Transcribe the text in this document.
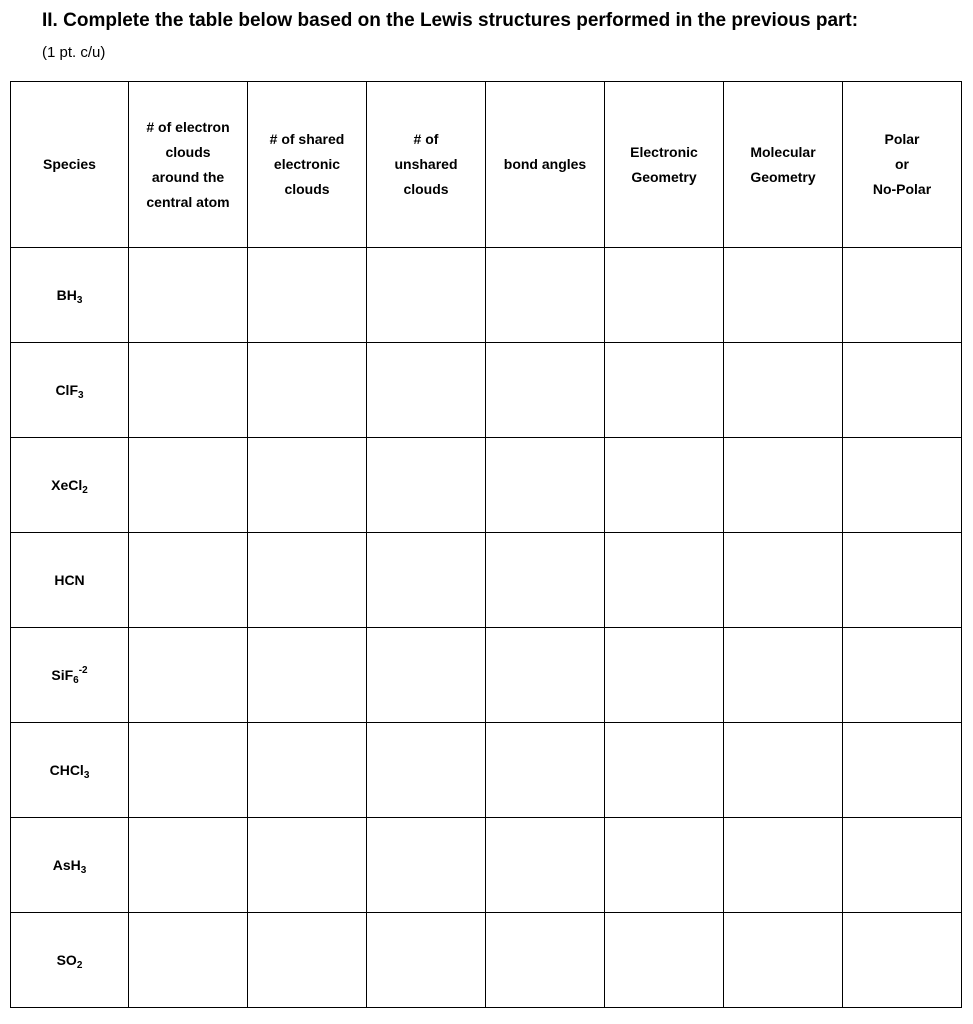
II. Complete the table below based on the Lewis structures performed in the previous part:
(1 pt. c/u)
Species	# of electron
clouds
around the
central atom	# of shared
electronic
clouds	# of
unshared
clouds	bond angles	Electronic
Geometry	Molecular
Geometry	Polar
or
No-Polar

$BH_3$							
ClF$_3$							
XeCl$_2$							
HCN							
SiF$_6^{-2}$							
CHCl$_3$							
AsH$_3$							
$SO_2$							
